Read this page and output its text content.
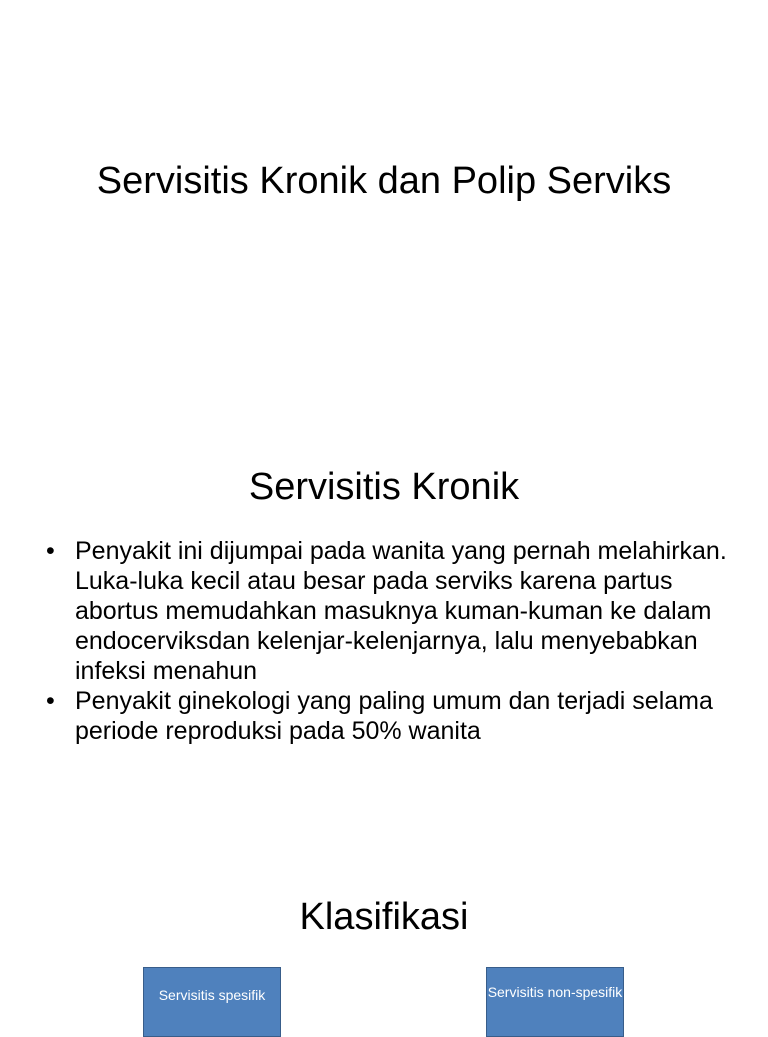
Servisitis Kronik dan Polip Serviks
Servisitis Kronik
• Penyakit ini dijumpai pada wanita yang pernah melahirkan. Luka-luka kecil atau besar pada serviks karena partus abortus memudahkan masuknya kuman-kuman ke dalam endocerviksdan kelenjar-kelenjarnya, lalu menyebabkan infeksi menahun
• Penyakit ginekologi yang paling umum dan terjadi selama periode reproduksi pada 50% wanita
Klasifikasi
Servisitis spesifik	Servisitis non-spesifik
